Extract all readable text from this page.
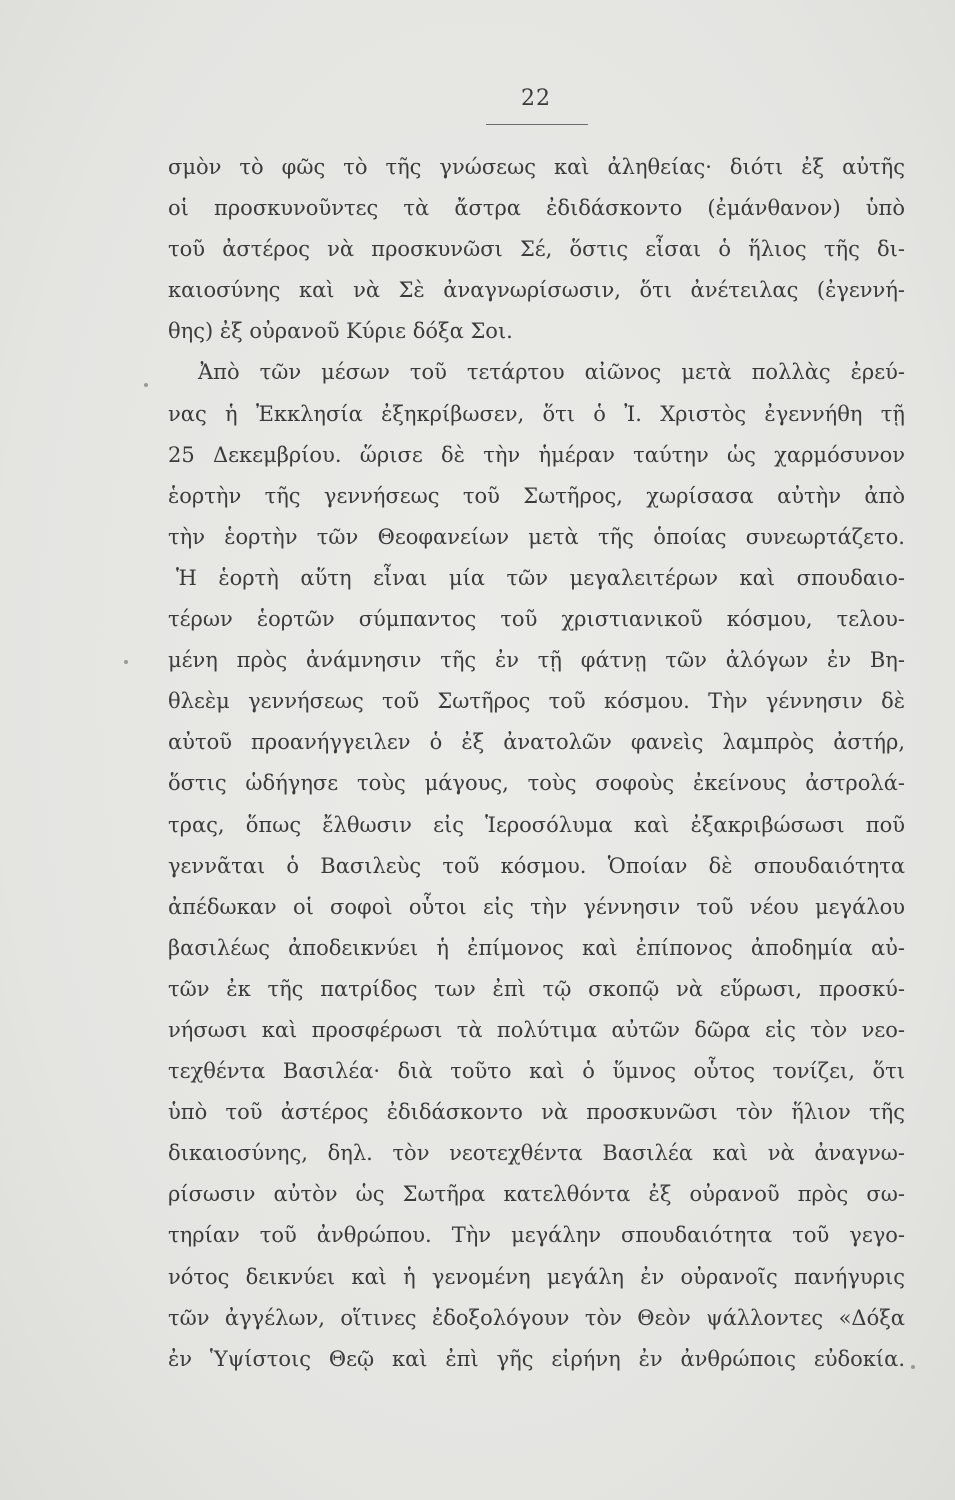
22
σμὸν τὸ φῶς τὸ τῆς γνώσεως καὶ ἀληθείας· διότι ἐξ αὐτῆς
οἱ προσκυνοῦντες τὰ ἄστρα ἐδιδάσκοντο (ἐμάνθανον) ὑπὸ
τοῦ ἀστέρος νὰ προσκυνῶσι Σέ, ὅστις εἶσαι ὁ ἥλιος τῆς δι-
καιοσύνης καὶ νὰ Σὲ ἀναγνωρίσωσιν, ὅτι ἀνέτειλας (ἐγεννή-
θης) ἐξ οὐρανοῦ Κύριε δόξα Σοι.
Ἀπὸ τῶν μέσων τοῦ τετάρτου αἰῶνος μετὰ πολλὰς ἐρεύ-
νας ἡ Ἐκκλησία ἐξηκρίβωσεν, ὅτι ὁ Ἰ. Χριστὸς ἐγεννήθη τῇ
25 Δεκεμβρίου. ὥρισε δὲ τὴν ἡμέραν ταύτην ὡς χαρμόσυνον
ἑορτὴν τῆς γεννήσεως τοῦ Σωτῆρος, χωρίσασα αὐτὴν ἀπὸ
τὴν ἑορτὴν τῶν Θεοφανείων μετὰ τῆς ὁποίας συνεωρτάζετο.
Ἡ ἑορτὴ αὕτη εἶναι μία τῶν μεγαλειτέρων καὶ σπουδαιο-
τέρων ἑορτῶν σύμπαντος τοῦ χριστιανικοῦ κόσμου, τελου-
μένη πρὸς ἀνάμνησιν τῆς ἐν τῇ φάτνῃ τῶν ἀλόγων ἐν Βη-
θλεὲμ γεννήσεως τοῦ Σωτῆρος τοῦ κόσμου. Τὴν γέννησιν δὲ
αὐτοῦ προανήγγειλεν ὁ ἐξ ἀνατολῶν φανεὶς λαμπρὸς ἀστήρ,
ὅστις ὡδήγησε τοὺς μάγους, τοὺς σοφοὺς ἐκείνους ἀστρολά-
τρας, ὅπως ἔλθωσιν εἰς Ἱεροσόλυμα καὶ ἐξακριβώσωσι ποῦ
γεννᾶται ὁ Βασιλεὺς τοῦ κόσμου. Ὁποίαν δὲ σπουδαιότητα
ἀπέδωκαν οἱ σοφοὶ οὗτοι εἰς τὴν γέννησιν τοῦ νέου μεγάλου
βασιλέως ἀποδεικνύει ἡ ἐπίμονος καὶ ἐπίπονος ἀποδημία αὐ-
τῶν ἐκ τῆς πατρίδος των ἐπὶ τῷ σκοπῷ νὰ εὕρωσι, προσκύ-
νήσωσι καὶ προσφέρωσι τὰ πολύτιμα αὐτῶν δῶρα εἰς τὸν νεο-
τεχθέντα Βασιλέα· διὰ τοῦτο καὶ ὁ ὕμνος οὗτος τονίζει, ὅτι
ὑπὸ τοῦ ἀστέρος ἐδιδάσκοντο νὰ προσκυνῶσι τὸν ἥλιον τῆς
δικαιοσύνης, δηλ. τὸν νεοτεχθέντα Βασιλέα καὶ νὰ ἀναγνω-
ρίσωσιν αὐτὸν ὡς Σωτῆρα κατελθόντα ἐξ οὐρανοῦ πρὸς σω-
τηρίαν τοῦ ἀνθρώπου. Τὴν μεγάλην σπουδαιότητα τοῦ γεγο-
νότος δεικνύει καὶ ἡ γενομένη μεγάλη ἐν οὐρανοῖς πανήγυρις
τῶν ἀγγέλων, οἵτινες ἐδοξολόγουν τὸν Θεὸν ψάλλοντες «Δόξα
ἐν Ὑψίστοις Θεῷ καὶ ἐπὶ γῆς εἰρήνη ἐν ἀνθρώποις εὐδοκία.
